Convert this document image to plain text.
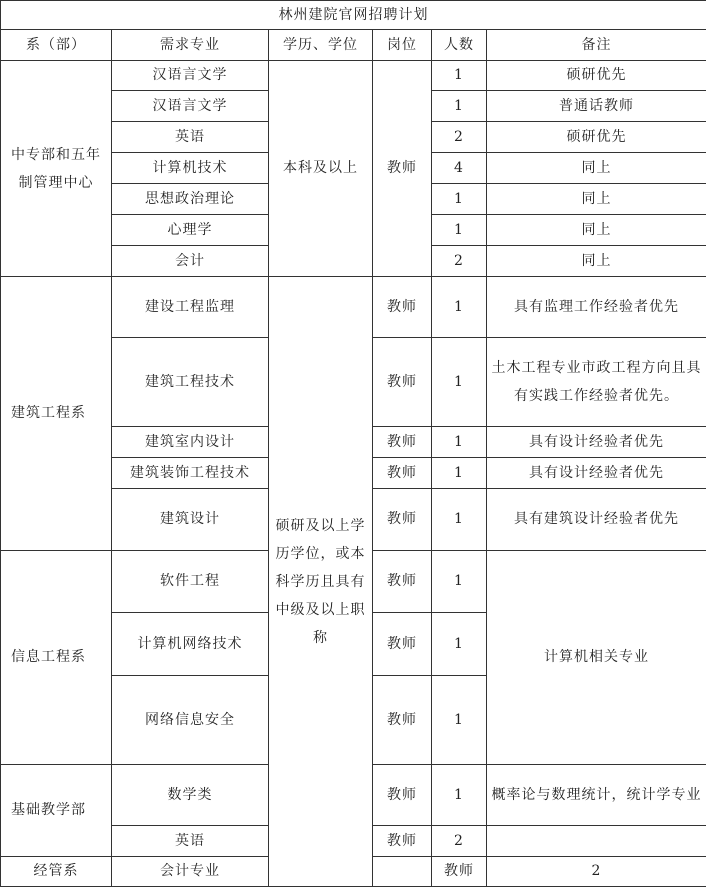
林州建院官网招聘计划						
系（部）	需求专业	学历、学位	岗位	人数	备注	
中专部和五年制管理中心	汉语言文学	本科及以上	教师	1	硕研优先	
	汉语言文学			1	普通话教师	
	英语			2	硕研优先	
	计算机技术			4	同上	
	思想政治理论			1	同上	
	心理学			1	同上	
	会计			2	同上	
建筑工程系	建设工程监理	硕研及以上学历学位，或本科学历且具有中级及以上职称	教师	1	具有监理工作经验者优先	
	建筑工程技术		教师	1	土木工程专业市政工程方向且具有实践工作经验者优先。	
	建筑室内设计		教师	1	具有设计经验者优先	
	建筑装饰工程技术		教师	1	具有设计经验者优先	
	建筑设计		教师	1	具有建筑设计经验者优先	
信息工程系	软件工程		教师	1	计算机相关专业	
	计算机网络技术		教师	1		
	网络信息安全		教师	1		
基础教学部	数学类		教师	1	概率论与数理统计，统计学专业	
	英语		教师	2		
经管系	会计专业			教师	2	
